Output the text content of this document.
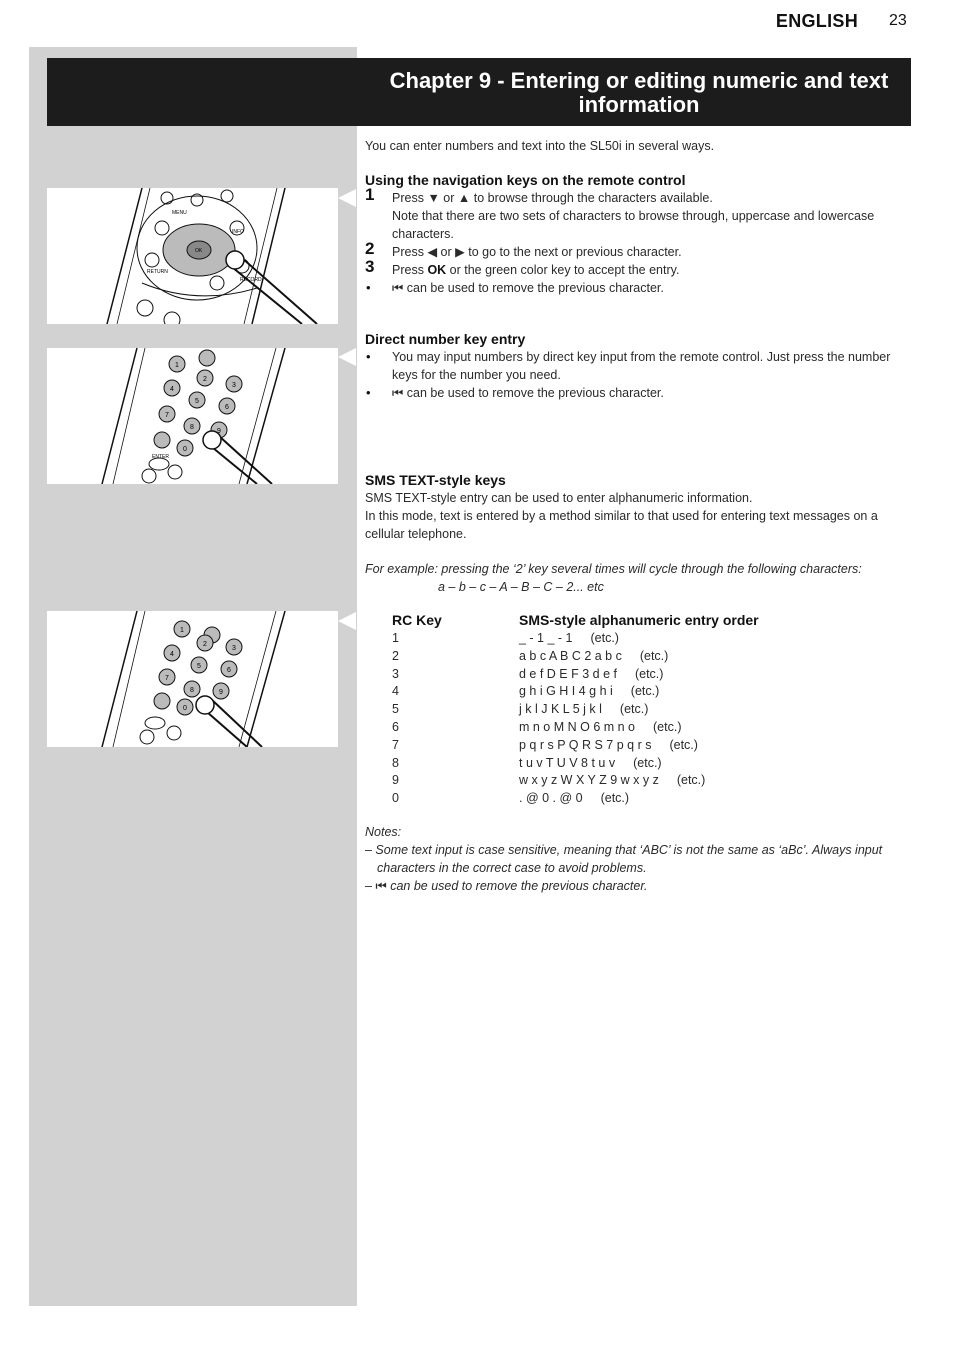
ENGLISH 23
Chapter 9 - Entering or editing numeric and text information
MENU
INFO
OK
RETURN
RECORD
4
2
3
1
7
5
6
8
9
0
ENTER
1
2
3
4
5
6
7
8	9
0
You can enter numbers and text into the SL50i in several ways.
Using the navigation keys on the remote control
1 Press ▼ or ▲ to browse through the characters available.
Note that there are two sets of characters to browse through, uppercase and lowercase characters.
2 Press ◀ or ▶ to go to the next or previous character.
3 Press OK or the green color key to accept the entry.
• ⏮ can be used to remove the previous character.
Direct number key entry
• You may input numbers by direct key input from the remote control. Just press the number keys for the number you need.
• ⏮ can be used to remove the previous character.
SMS TEXT-style keys
SMS TEXT-style entry can be used to enter alphanumeric information.
In this mode, text is entered by a method similar to that used for entering text messages on a cellular telephone.
For example: pressing the ‘2’ key several times will cycle through the following characters:
a – b – c – A – B – C – 2... etc
RC Key	SMS-style alphanumeric entry order
1	_ - 1 _ - 1 (etc.)
2	a b c A B C 2 a b c (etc.)
3	d e f D E F 3 d e f (etc.)
4	g h i G H I 4 g h i (etc.)
5	j k l J K L 5 j k l (etc.)
6	m n o M N O 6 m n o (etc.)
7	p q r s P Q R S 7 p q r s (etc.)
8	t u v T U V 8 t u v (etc.)
9	w x y z W X Y Z 9 w x y z (etc.)
0	. @ 0 . @ 0 (etc.)
Notes:
– Some text input is case sensitive, meaning that ‘ABC’ is not the same as ‘aBc’. Always input characters in the correct case to avoid problems.
– ⏮ can be used to remove the previous character.
